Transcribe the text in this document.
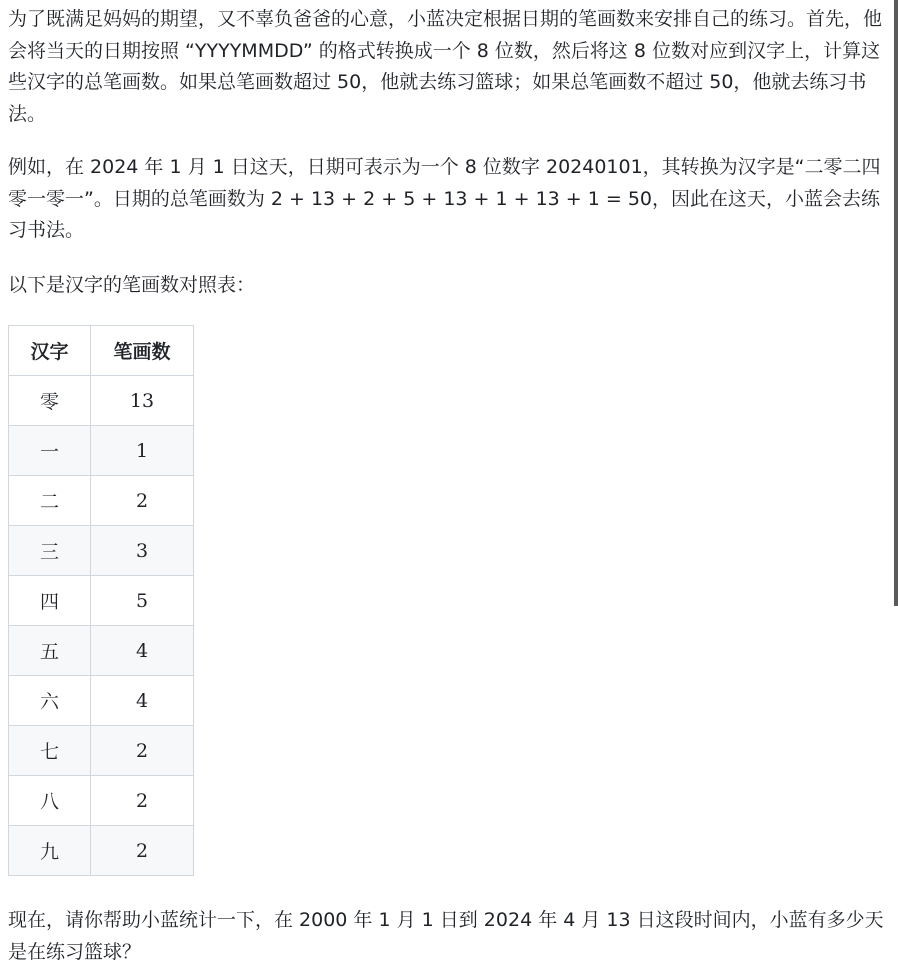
为了既满足妈妈的期望，又不辜负爸爸的心意，小蓝决定根据日期的笔画数来安排自己的练习。首先，他会将当天的日期按照 “YYYYMMDD” 的格式转换成一个 8 位数，然后将这 8 位数对应到汉字上，计算这些汉字的总笔画数。如果总笔画数超过 50，他就去练习篮球；如果总笔画数不超过 50，他就去练习书法。

例如，在 2024 年 1 月 1 日这天，日期可表示为一个 8 位数字 20240101，其转换为汉字是“二零二四零一零一”。日期的总笔画数为 2 + 13 + 2 + 5 + 13 + 1 + 13 + 1 = 50，因此在这天，小蓝会去练习书法。

以下是汉字的笔画数对照表：

汉字	笔画数
零	13
一	1
二	2
三	3
四	5
五	4
六	4
七	2
八	2
九	2

现在，请你帮助小蓝统计一下，在 2000 年 1 月 1 日到 2024 年 4 月 13 日这段时间内，小蓝有多少天是在练习篮球？
